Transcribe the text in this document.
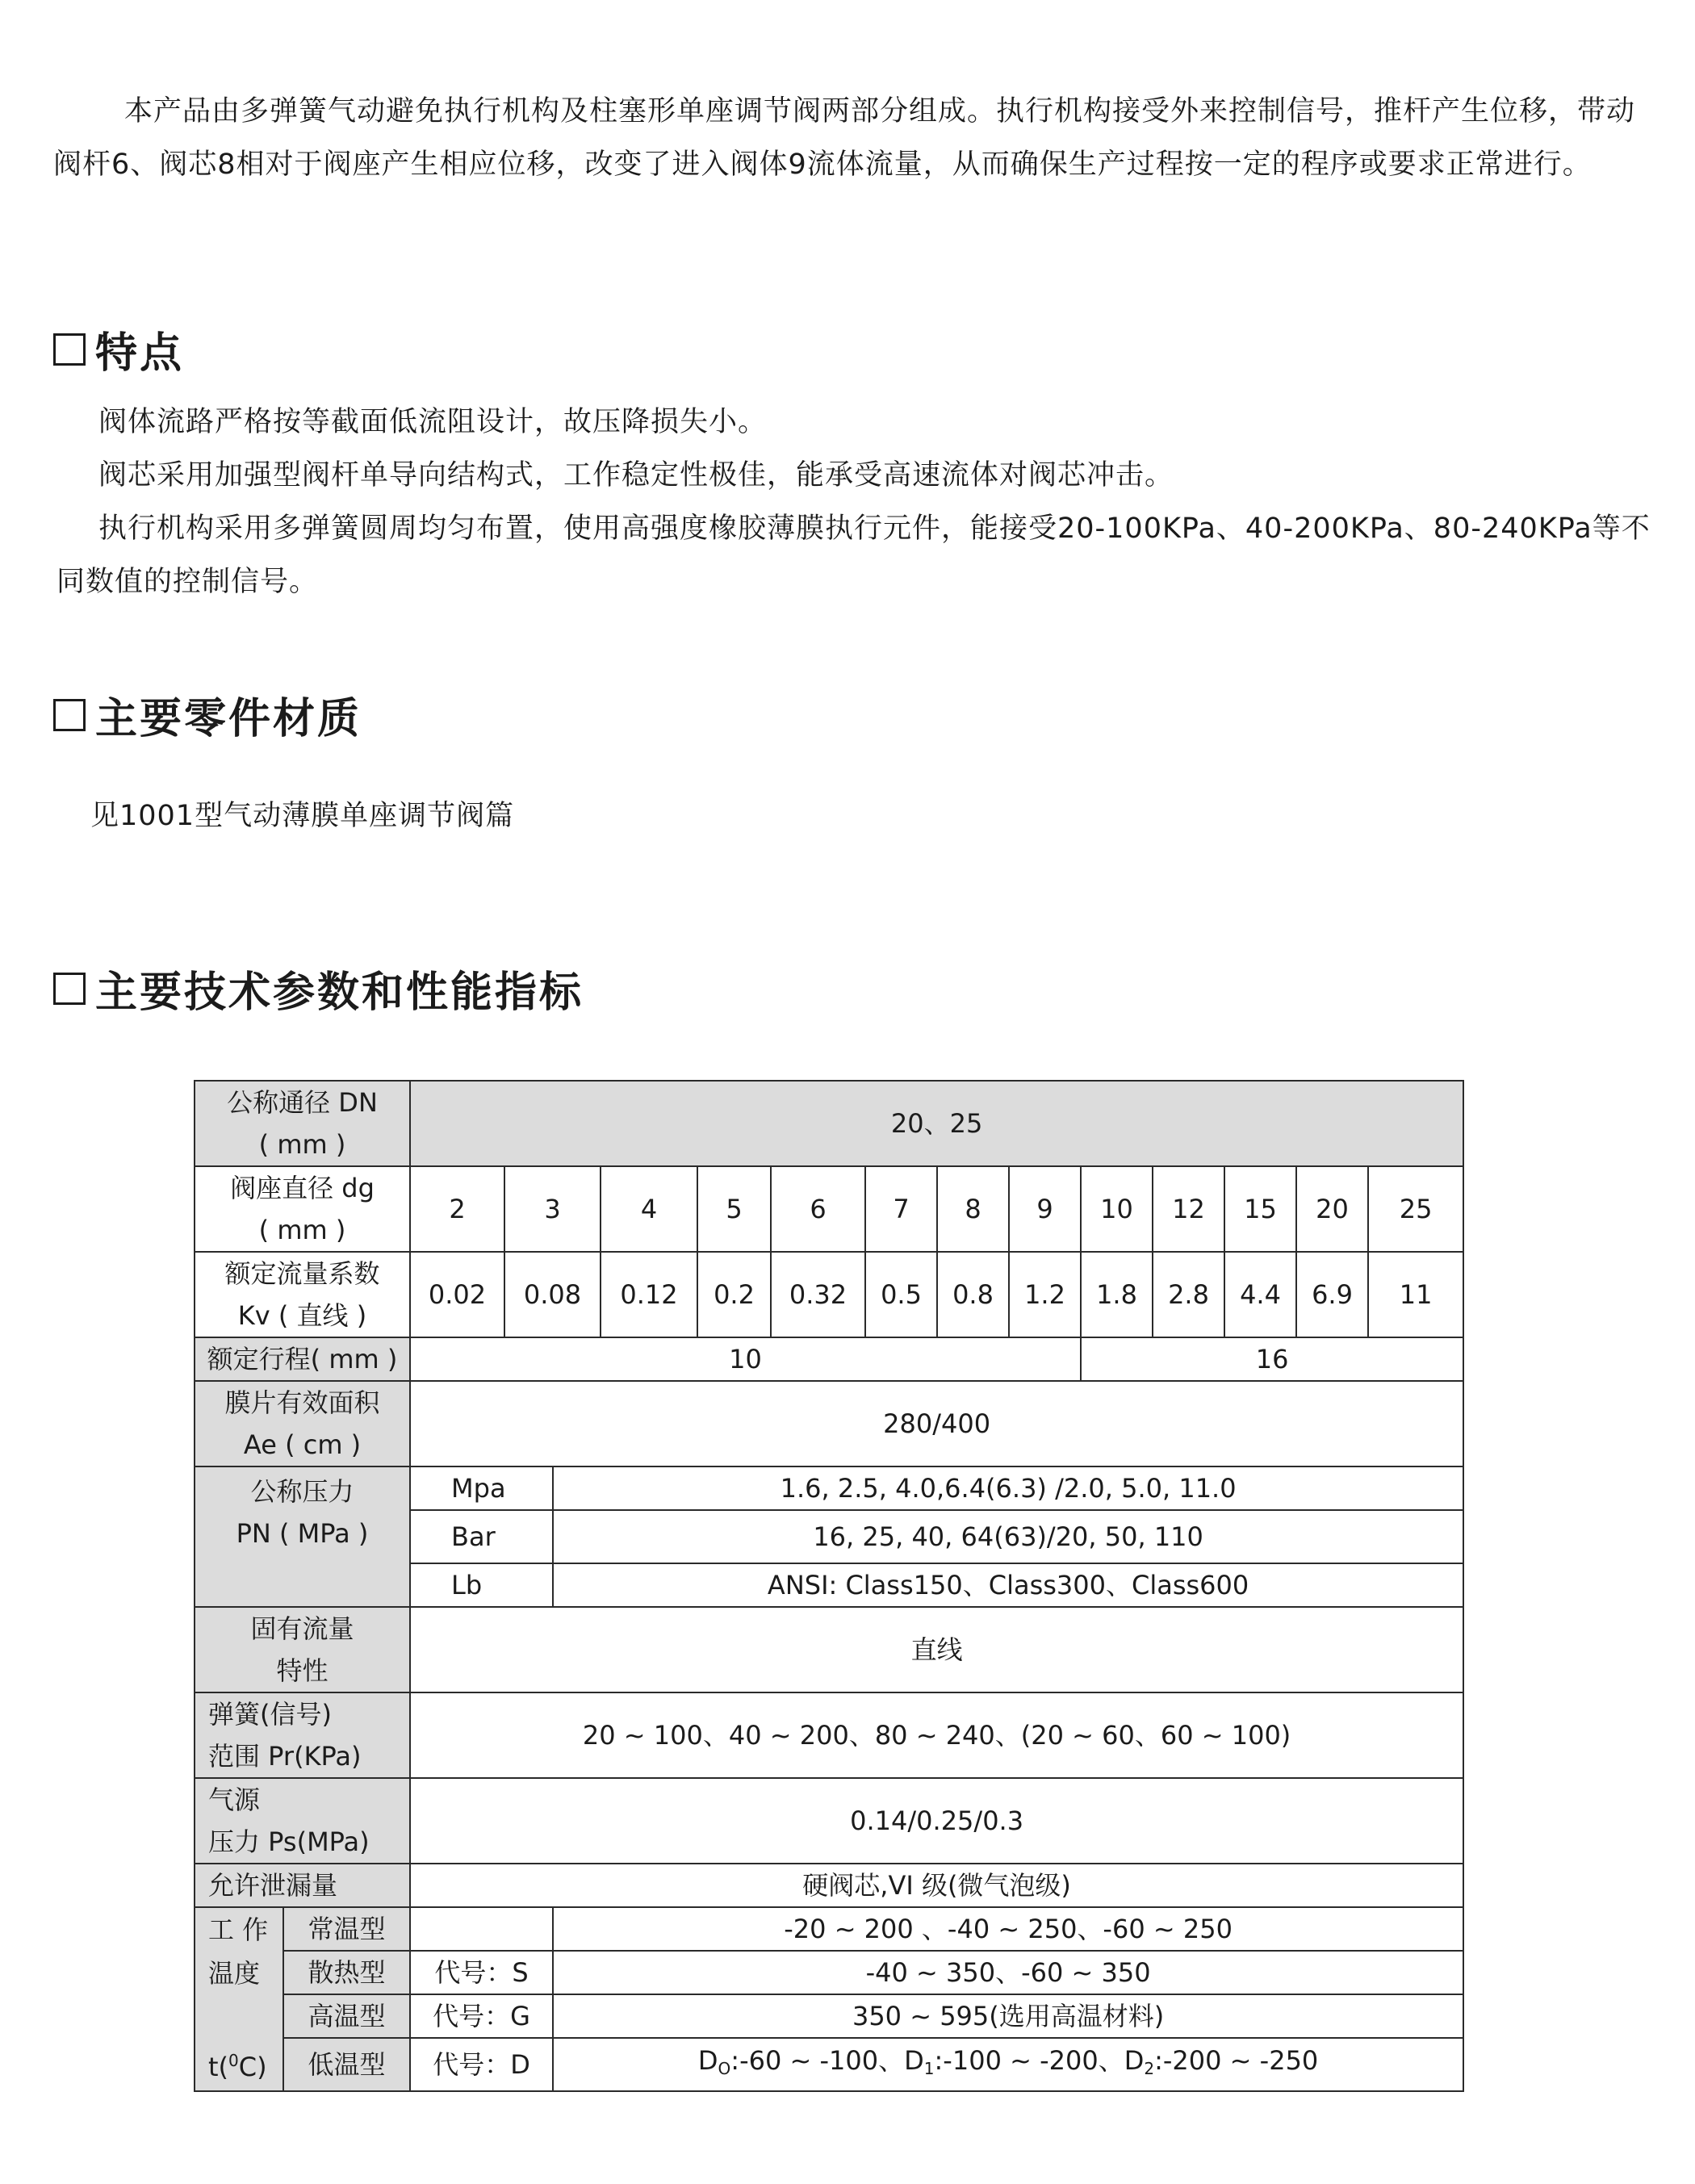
本产品由多弹簧气动避免执行机构及柱塞形单座调节阀两部分组成。执行机构接受外来控制信号，推杆产生位移，带动阀杆6、阀芯8相对于阀座产生相应位移，改变了进入阀体9流体流量，从而确保生产过程按一定的程序或要求正常进行。

特点

阀体流路严格按等截面低流阻设计，故压降损失小。

阀芯采用加强型阀杆单导向结构式，工作稳定性极佳，能承受高速流体对阀芯冲击。

执行机构采用多弹簧圆周均匀布置，使用高强度橡胶薄膜执行元件，能接受20-100KPa、40-200KPa、80-240KPa等不同数值的控制信号。

主要零件材质

见1001型气动薄膜单座调节阀篇

主要技术参数和性能指标
公称通径 DN
( mm )		20、25													

阀座直径 dg
( mm )		2	3		4	5	6	7	8	9	10	12	15	20	25

额定流量系数
Kv ( 直线 )		0.02	0.08		0.12	0.2	0.32	0.5	0.8	1.2	1.8	2.8	4.4	6.9	11
额定行程( mm )		10									16				

膜片有效面积
Ae ( cm )		280/400													

公称压力
PN ( MPa )		Mpa		1.6, 2.5, 4.0,6.4(6.3) /2.0, 5.0, 11.0											
		Bar		16, 25, 40, 64(63)/20, 50, 110											
		Lb		ANSI: Class150、Class300、Class600											

固有流量
特性		直线													

弹簧(信号)
范围 Pr(KPa)		20 ~ 100、40 ~ 200、80 ~ 240、(20 ~ 60、60 ~ 100)													

气源
压力 Ps(MPa)		0.14/0.25/0.3													
允许泄漏量		硬阀芯,VI 级(微气泡级)													

工 作
温度
t($^0$C)	常温型			-20 ~ 200 、-40 ~ 250、-60 ~ 250											
	散热型	代号：S		-40 ~ 350、-60 ~ 350											
	高温型	代号：G		350 ~ 595(选用高温材料)											
	低温型	代号：D		$D_O:-60$ ~ -100、$D_1:-100$ ~ -200、$D_2:-200$ ~ -250											
